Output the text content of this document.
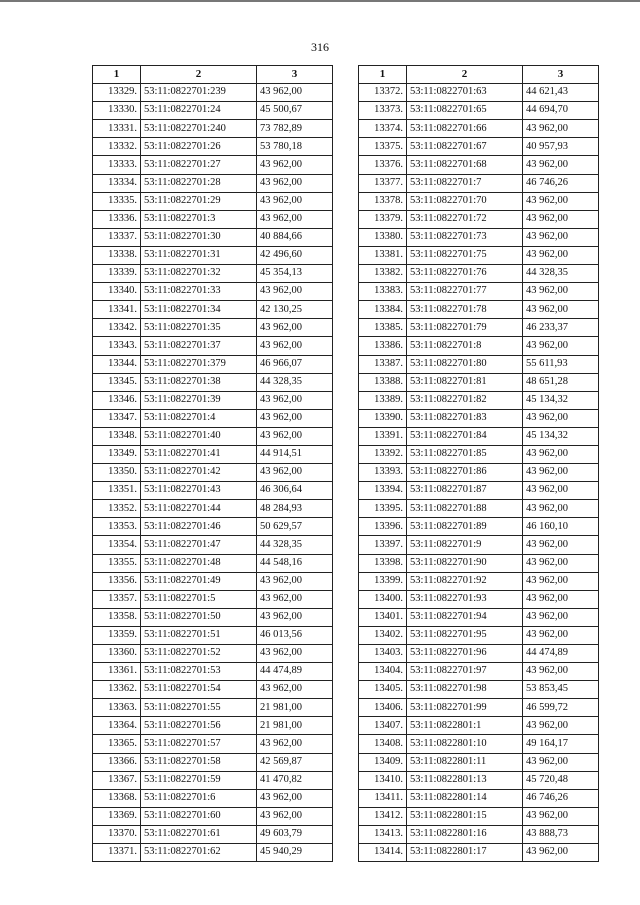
316
1	2	3
13329.	53:11:0822701:239	43 962,00
13330.	53:11:0822701:24	45 500,67
13331.	53:11:0822701:240	73 782,89
13332.	53:11:0822701:26	53 780,18
13333.	53:11:0822701:27	43 962,00
13334.	53:11:0822701:28	43 962,00
13335.	53:11:0822701:29	43 962,00
13336.	53:11:0822701:3	43 962,00
13337.	53:11:0822701:30	40 884,66
13338.	53:11:0822701:31	42 496,60
13339.	53:11:0822701:32	45 354,13
13340.	53:11:0822701:33	43 962,00
13341.	53:11:0822701:34	42 130,25
13342.	53:11:0822701:35	43 962,00
13343.	53:11:0822701:37	43 962,00
13344.	53:11:0822701:379	46 966,07
13345.	53:11:0822701:38	44 328,35
13346.	53:11:0822701:39	43 962,00
13347.	53:11:0822701:4	43 962,00
13348.	53:11:0822701:40	43 962,00
13349.	53:11:0822701:41	44 914,51
13350.	53:11:0822701:42	43 962,00
13351.	53:11:0822701:43	46 306,64
13352.	53:11:0822701:44	48 284,93
13353.	53:11:0822701:46	50 629,57
13354.	53:11:0822701:47	44 328,35
13355.	53:11:0822701:48	44 548,16
13356.	53:11:0822701:49	43 962,00
13357.	53:11:0822701:5	43 962,00
13358.	53:11:0822701:50	43 962,00
13359.	53:11:0822701:51	46 013,56
13360.	53:11:0822701:52	43 962,00
13361.	53:11:0822701:53	44 474,89
13362.	53:11:0822701:54	43 962,00
13363.	53:11:0822701:55	21 981,00
13364.	53:11:0822701:56	21 981,00
13365.	53:11:0822701:57	43 962,00
13366.	53:11:0822701:58	42 569,87
13367.	53:11:0822701:59	41 470,82
13368.	53:11:0822701:6	43 962,00
13369.	53:11:0822701:60	43 962,00
13370.	53:11:0822701:61	49 603,79
13371.	53:11:0822701:62	45 940,29
1	2	3
13372.	53:11:0822701:63	44 621,43
13373.	53:11:0822701:65	44 694,70
13374.	53:11:0822701:66	43 962,00
13375.	53:11:0822701:67	40 957,93
13376.	53:11:0822701:68	43 962,00
13377.	53:11:0822701:7	46 746,26
13378.	53:11:0822701:70	43 962,00
13379.	53:11:0822701:72	43 962,00
13380.	53:11:0822701:73	43 962,00
13381.	53:11:0822701:75	43 962,00
13382.	53:11:0822701:76	44 328,35
13383.	53:11:0822701:77	43 962,00
13384.	53:11:0822701:78	43 962,00
13385.	53:11:0822701:79	46 233,37
13386.	53:11:0822701:8	43 962,00
13387.	53:11:0822701:80	55 611,93
13388.	53:11:0822701:81	48 651,28
13389.	53:11:0822701:82	45 134,32
13390.	53:11:0822701:83	43 962,00
13391.	53:11:0822701:84	45 134,32
13392.	53:11:0822701:85	43 962,00
13393.	53:11:0822701:86	43 962,00
13394.	53:11:0822701:87	43 962,00
13395.	53:11:0822701:88	43 962,00
13396.	53:11:0822701:89	46 160,10
13397.	53:11:0822701:9	43 962,00
13398.	53:11:0822701:90	43 962,00
13399.	53:11:0822701:92	43 962,00
13400.	53:11:0822701:93	43 962,00
13401.	53:11:0822701:94	43 962,00
13402.	53:11:0822701:95	43 962,00
13403.	53:11:0822701:96	44 474,89
13404.	53:11:0822701:97	43 962,00
13405.	53:11:0822701:98	53 853,45
13406.	53:11:0822701:99	46 599,72
13407.	53:11:0822801:1	43 962,00
13408.	53:11:0822801:10	49 164,17
13409.	53:11:0822801:11	43 962,00
13410.	53:11:0822801:13	45 720,48
13411.	53:11:0822801:14	46 746,26
13412.	53:11:0822801:15	43 962,00
13413.	53:11:0822801:16	43 888,73
13414.	53:11:0822801:17	43 962,00
